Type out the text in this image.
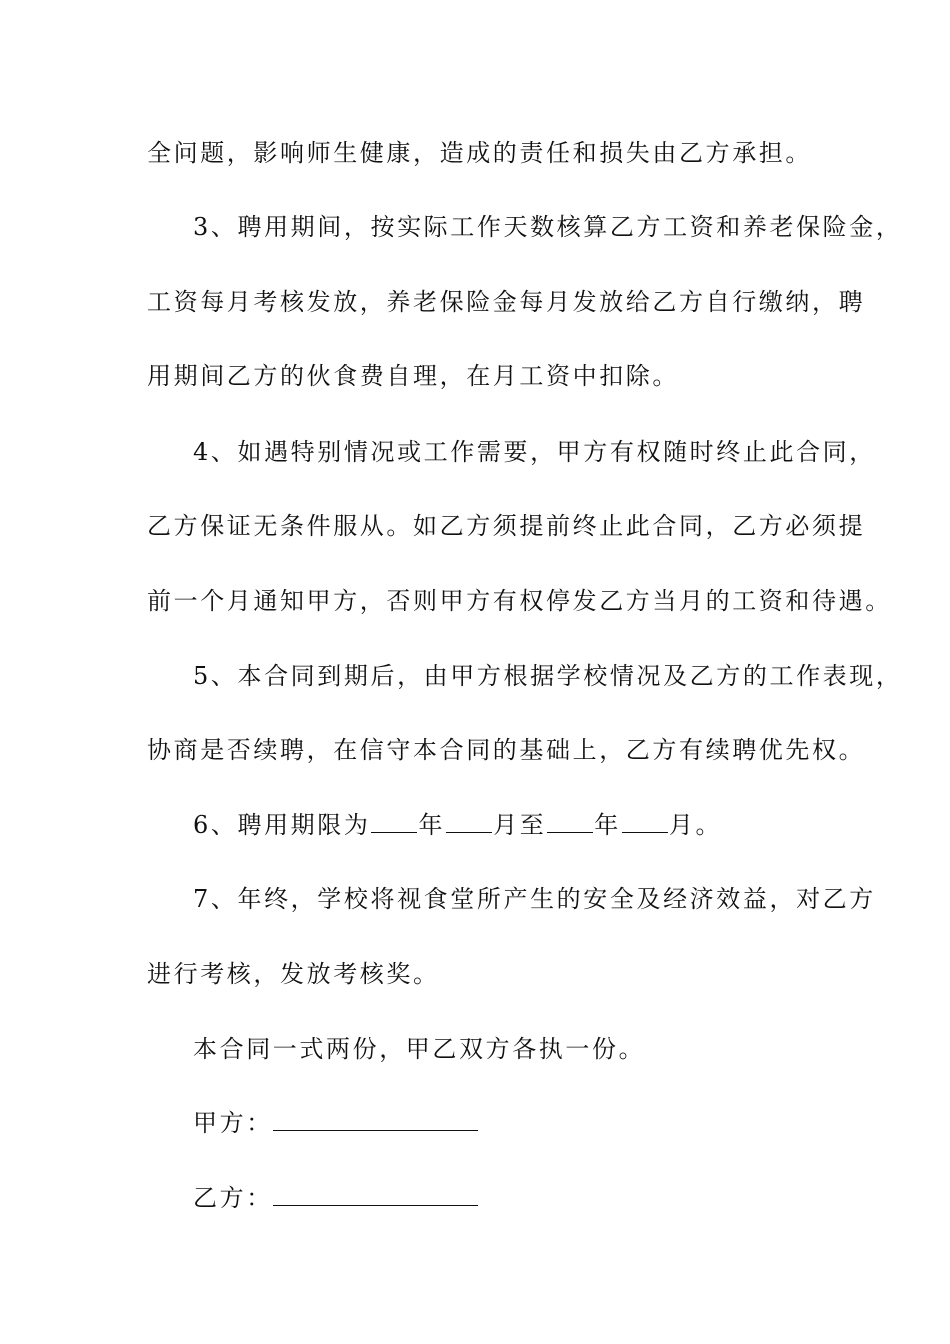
全问题，影响师生健康，造成的责任和损失由乙方承担。
3、聘用期间，按实际工作天数核算乙方工资和养老保险金，
工资每月考核发放，养老保险金每月发放给乙方自行缴纳，聘
用期间乙方的伙食费自理，在月工资中扣除。
4、如遇特别情况或工作需要，甲方有权随时终止此合同，
乙方保证无条件服从。如乙方须提前终止此合同，乙方必须提
前一个月通知甲方，否则甲方有权停发乙方当月的工资和待遇。
5、本合同到期后，由甲方根据学校情况及乙方的工作表现，
协商是否续聘，在信守本合同的基础上，乙方有续聘优先权。
6、聘用期限为 年 月至 年 月。
7、年终，学校将视食堂所产生的安全及经济效益，对乙方
进行考核，发放考核奖。
本合同一式两份，甲乙双方各执一份。
甲方：
乙方：
